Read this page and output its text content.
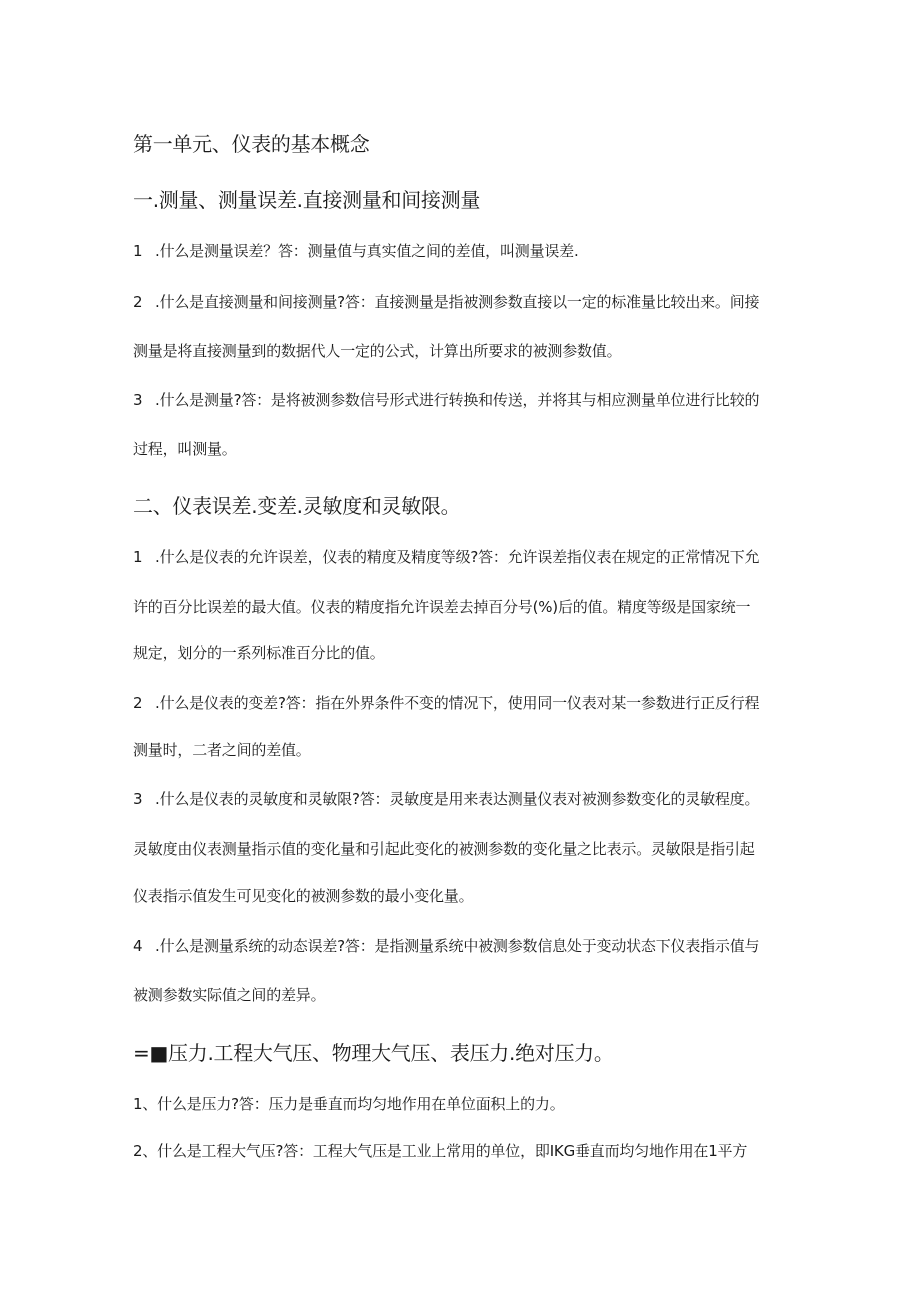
第一单元、仪表的基本概念
一.测量、测量误差.直接测量和间接测量
1 .什么是测量误差？答：测量值与真实值之间的差值，叫测量误差.
2 .什么是直接测量和间接测量?答：直接测量是指被测参数直接以一定的标准量比较出来。间接
测量是将直接测量到的数据代人一定的公式，计算出所要求的被测参数值。
3 .什么是测量?答：是将被测参数信号形式进行转换和传送，并将其与相应测量单位进行比较的
过程，叫测量。
二、仪表误差.变差.灵敏度和灵敏限。
1 .什么是仪表的允许误差，仪表的精度及精度等级?答：允许误差指仪表在规定的正常情况下允
许的百分比误差的最大值。仪表的精度指允许误差去掉百分号(%)后的值。精度等级是国家统一
规定，划分的一系列标准百分比的值。
2 .什么是仪表的变差?答：指在外界条件不变的情况下，使用同一仪表对某一参数进行正反行程
测量时，二者之间的差值。
3 .什么是仪表的灵敏度和灵敏限?答：灵敏度是用来表达测量仪表对被测参数变化的灵敏程度。
灵敏度由仪表测量指示值的变化量和引起此变化的被测参数的变化量之比表示。灵敏限是指引起
仪表指示值发生可见变化的被测参数的最小变化量。
4 .什么是测量系统的动态误差?答：是指测量系统中被测参数信息处于变动状态下仪表指示值与
被测参数实际值之间的差异。
=■压力.工程大气压、物理大气压、表压力.绝对压力。
1、什么是压力?答：压力是垂直而均匀地作用在单位面积上的力。
2、什么是工程大气压?答：工程大气压是工业上常用的单位，即IKG垂直而均匀地作用在1平方
